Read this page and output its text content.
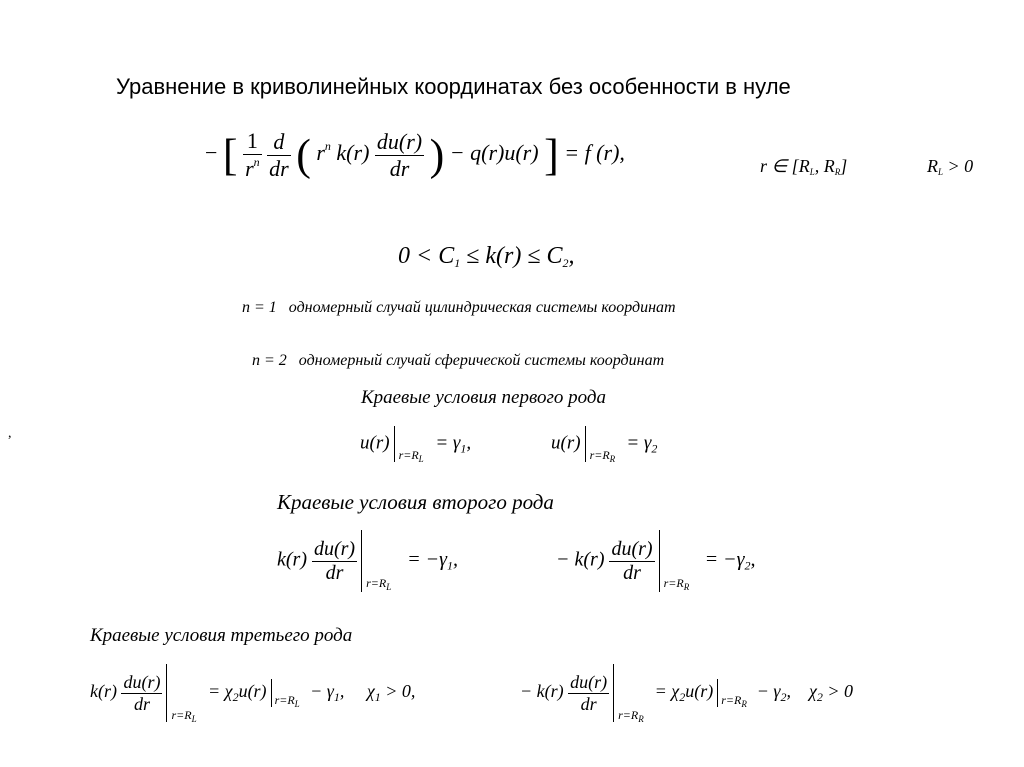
Уравнение в криволинейных координатах без особенности в нуле
− [ $\frac{1}{r^n}$
$\frac{d}{dr}$ ( $r^n$ $k(r) \frac{du(r)}{dr}$ ) − q(r)u(r) ] = f (r),
r ∈ [$R_L$, $R_R$]	$R_L > 0$
$0 < C_1 \le k(r) \le C_2$,
n = 1 одномерный случай цилиндрическая системы координат
n = 2 одномерный случай сферической системы координат
Краевые условия первого рода
,	u(r)
$r=R_L$
= $\gamma_1$,	u(r)
$r=R_R$
= $\gamma_2$
Краевые условия второго рода
$k(r) \frac{du(r)}{dr} r=R_L$
= $-\gamma_1$,	− $k(r) \frac{du(r)}{dr} r=R_R$
= $-\gamma_2$,
Краевые условия третьего рода
$k(r) \frac{du(r)}{dr}$
$r=R_L$
= $\chi_2u(r)$ $r=R_L$
− $\gamma_1$, $\chi_1 > 0$,	− $k(r) \frac{du(r)}{dr}$
$r=R_R$
= $\chi_2u(r)$ $r=R_R$
− $\gamma_2$, $\chi_2 > 0$
